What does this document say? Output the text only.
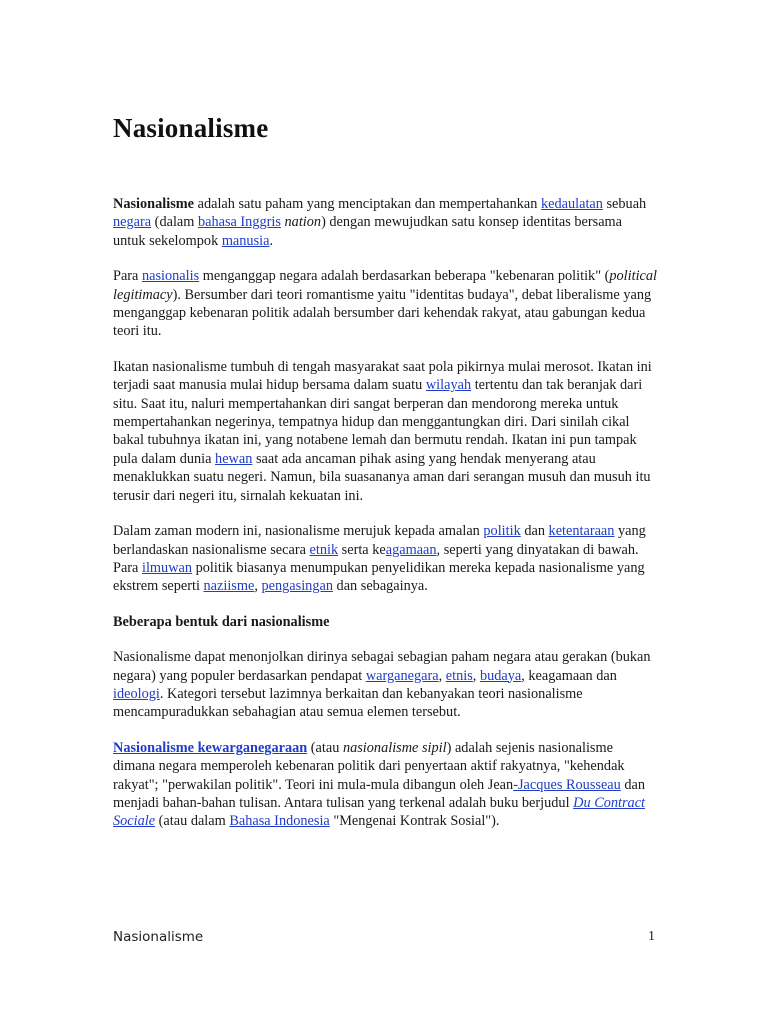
Nasionalisme

Nasionalisme adalah satu paham yang menciptakan dan mempertahankan kedaulatan sebuah negara (dalam bahasa Inggris nation) dengan mewujudkan satu konsep identitas bersama untuk sekelompok manusia.

Para nasionalis menganggap negara adalah berdasarkan beberapa "kebenaran politik" (political legitimacy). Bersumber dari teori romantisme yaitu "identitas budaya", debat liberalisme yang menganggap kebenaran politik adalah bersumber dari kehendak rakyat, atau gabungan kedua teori itu.

Ikatan nasionalisme tumbuh di tengah masyarakat saat pola pikirnya mulai merosot. Ikatan ini terjadi saat manusia mulai hidup bersama dalam suatu wilayah tertentu dan tak beranjak dari situ. Saat itu, naluri mempertahankan diri sangat berperan dan mendorong mereka untuk mempertahankan negerinya, tempatnya hidup dan menggantungkan diri. Dari sinilah cikal bakal tubuhnya ikatan ini, yang notabene lemah dan bermutu rendah. Ikatan ini pun tampak pula dalam dunia hewan saat ada ancaman pihak asing yang hendak menyerang atau menaklukkan suatu negeri. Namun, bila suasananya aman dari serangan musuh dan musuh itu terusir dari negeri itu, sirnalah kekuatan ini.

Dalam zaman modern ini, nasionalisme merujuk kepada amalan politik dan ketentaraan yang berlandaskan nasionalisme secara etnik serta keagamaan, seperti yang dinyatakan di bawah. Para ilmuwan politik biasanya menumpukan penyelidikan mereka kepada nasionalisme yang ekstrem seperti naziisme, pengasingan dan sebagainya.

Beberapa bentuk dari nasionalisme

Nasionalisme dapat menonjolkan dirinya sebagai sebagian paham negara atau gerakan (bukan negara) yang populer berdasarkan pendapat warganegara, etnis, budaya, keagamaan dan ideologi. Kategori tersebut lazimnya berkaitan dan kebanyakan teori nasionalisme mencampuradukkan sebahagian atau semua elemen tersebut.

Nasionalisme kewarganegaraan (atau nasionalisme sipil) adalah sejenis nasionalisme dimana negara memperoleh kebenaran politik dari penyertaan aktif rakyatnya, "kehendak rakyat"; "perwakilan politik". Teori ini mula-mula dibangun oleh Jean-Jacques Rousseau dan menjadi bahan-bahan tulisan. Antara tulisan yang terkenal adalah buku berjudul Du Contract Sociale (atau dalam Bahasa Indonesia "Mengenai Kontrak Sosial").

Nasionalisme	1
